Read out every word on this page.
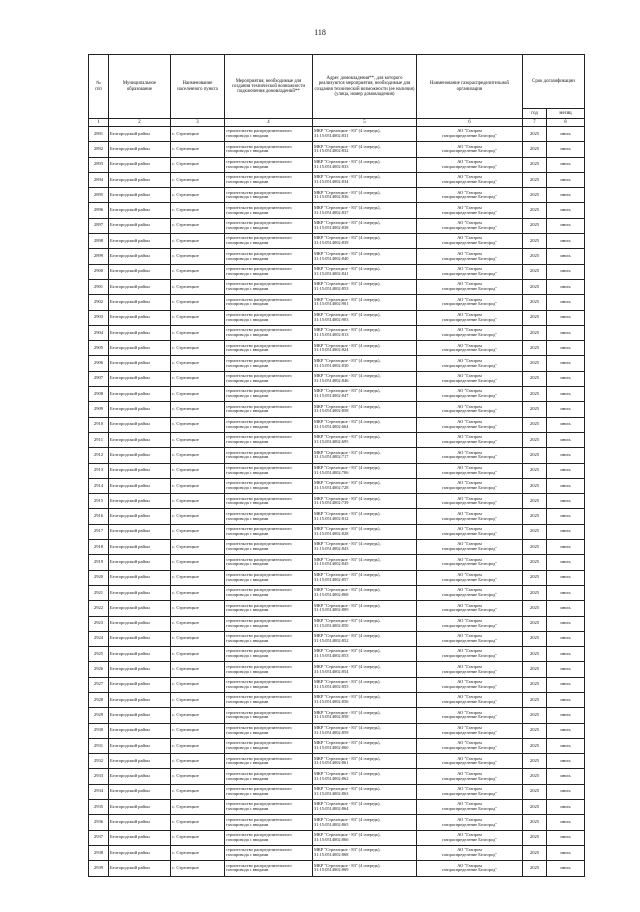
118
№
п/п	Муниципальное образование	Наименование населенного пункта	Мероприятия, необходимые для создания технической возможности подключения домовладений**	Адрес домовладения**, для которого реализуются мероприятия, необходимые для создания технической возможности (ее наличия) (улица, номер домовладения)	Наименование газораспределительной организации	Срок догазификации	
						год	месяц
1	2	3	4	5	6	7	8
2891	Белгородский район	с. Стрелецкое	строительство распределительного
газопровода с вводами	МКР "Стрелецкое - 83" (4 очередь),
31:15:0514002:831	АО "Газпром
газораспределение Белгород"	2025	июль
2892	Белгородский район	с. Стрелецкое	строительство распределительного
газопровода с вводами	МКР "Стрелецкое - 83" (4 очередь),
31:15:0514002:832	АО "Газпром
газораспределение Белгород"	2025	июль
2893	Белгородский район	с. Стрелецкое	строительство распределительного
газопровода с вводами	МКР "Стрелецкое - 83" (4 очередь),
31:15:0514002:833	АО "Газпром
газораспределение Белгород"	2025	июль
2894	Белгородский район	с. Стрелецкое	строительство распределительного
газопровода с вводами	МКР "Стрелецкое - 83" (4 очередь),
31:15:0514002:834	АО "Газпром
газораспределение Белгород"	2025	июль
2895	Белгородский район	с. Стрелецкое	строительство распределительного
газопровода с вводами	МКР "Стрелецкое - 83" (4 очередь),
31:15:0514002:836	АО "Газпром
газораспределение Белгород"	2025	июль
2896	Белгородский район	с. Стрелецкое	строительство распределительного
газопровода с вводами	МКР "Стрелецкое - 83" (4 очередь),
31:15:0514002:837	АО "Газпром
газораспределение Белгород"	2025	июль
2897	Белгородский район	с. Стрелецкое	строительство распределительного
газопровода с вводами	МКР "Стрелецкое - 83" (4 очередь),
31:15:0514002:838	АО "Газпром
газораспределение Белгород"	2025	июль
2898	Белгородский район	с. Стрелецкое	строительство распределительного
газопровода с вводами	МКР "Стрелецкое - 83" (4 очередь),
31:15:0514002:839	АО "Газпром
газораспределение Белгород"	2025	июль
2899	Белгородский район	с. Стрелецкое	строительство распределительного
газопровода с вводами	МКР "Стрелецкое - 83" (4 очередь),
31:15:0514002:840	АО "Газпром
газораспределение Белгород"	2025	июль
2900	Белгородский район	с. Стрелецкое	строительство распределительного
газопровода с вводами	МКР "Стрелецкое - 83" (4 очередь),
31:15:0514002:841	АО "Газпром
газораспределение Белгород"	2025	июль
2901	Белгородский район	с. Стрелецкое	строительство распределительного
газопровода с вводами	МКР "Стрелецкое - 83" (4 очередь),
31:15:0514002:853	АО "Газпром
газораспределение Белгород"	2025	июль
2902	Белгородский район	с. Стрелецкое	строительство распределительного
газопровода с вводами	МКР "Стрелецкое - 83" (4 очередь),
31:15:0514002:901	АО "Газпром
газораспределение Белгород"	2025	июль
2903	Белгородский район	с. Стрелецкое	строительство распределительного
газопровода с вводами	МКР "Стрелецкое - 83" (4 очередь),
31:15:0514002:903	АО "Газпром
газораспределение Белгород"	2025	июль
2904	Белгородский район	с. Стрелецкое	строительство распределительного
газопровода с вводами	МКР "Стрелецкое - 83" (4 очередь),
31:15:0514002:813	АО "Газпром
газораспределение Белгород"	2025	июль
2905	Белгородский район	с. Стрелецкое	строительство распределительного
газопровода с вводами	МКР "Стрелецкое - 83" (4 очередь),
31:15:0514002:824	АО "Газпром
газораспределение Белгород"	2025	июль
2906	Белгородский район	с. Стрелецкое	строительство распределительного
газопровода с вводами	МКР "Стрелецкое - 83" (4 очередь),
31:15:0514002:830	АО "Газпром
газораспределение Белгород"	2025	июль
2907	Белгородский район	с. Стрелецкое	строительство распределительного
газопровода с вводами	МКР "Стрелецкое - 83" (4 очередь),
31:15:0514002:846	АО "Газпром
газораспределение Белгород"	2025	июль
2908	Белгородский район	с. Стрелецкое	строительство распределительного
газопровода с вводами	МКР "Стрелецкое - 83" (4 очередь),
31:15:0514002:847	АО "Газпром
газораспределение Белгород"	2025	июль
2909	Белгородский район	с. Стрелецкое	строительство распределительного
газопровода с вводами	МКР "Стрелецкое - 83" (4 очередь),
31:15:0514002:858	АО "Газпром
газораспределение Белгород"	2025	июль
2910	Белгородский район	с. Стрелецкое	строительство распределительного
газопровода с вводами	МКР "Стрелецкое - 83" (4 очередь),
31:15:0514002:664	АО "Газпром
газораспределение Белгород"	2025	июль
2911	Белгородский район	с. Стрелецкое	строительство распределительного
газопровода с вводами	МКР "Стрелецкое - 83" (4 очередь),
31:15:0514002:695	АО "Газпром
газораспределение Белгород"	2025	июль
2912	Белгородский район	с. Стрелецкое	строительство распределительного
газопровода с вводами	МКР "Стрелецкое - 83" (4 очередь),
31:15:0514002:717	АО "Газпром
газораспределение Белгород"	2025	июль
2913	Белгородский район	с. Стрелецкое	строительство распределительного
газопровода с вводами	МКР "Стрелецкое - 83" (4 очередь),
31:15:0514002:706	АО "Газпром
газораспределение Белгород"	2025	июль
2914	Белгородский район	с. Стрелецкое	строительство распределительного
газопровода с вводами	МКР "Стрелецкое - 83" (4 очередь),
31:15:0514002:728	АО "Газпром
газораспределение Белгород"	2025	июль
2915	Белгородский район	с. Стрелецкое	строительство распределительного
газопровода с вводами	МКР "Стрелецкое - 83" (4 очередь),
31:15:0514002:739	АО "Газпром
газораспределение Белгород"	2025	июль
2916	Белгородский район	с. Стрелецкое	строительство распределительного
газопровода с вводами	МКР "Стрелецкое - 83" (4 очередь),
31:15:0514002:812	АО "Газпром
газораспределение Белгород"	2025	июль
2917	Белгородский район	с. Стрелецкое	строительство распределительного
газопровода с вводами	МКР "Стрелецкое - 83" (4 очередь),
31:15:0514002:828	АО "Газпром
газораспределение Белгород"	2025	июль
2918	Белгородский район	с. Стрелецкое	строительство распределительного
газопровода с вводами	МКР "Стрелецкое - 83" (4 очередь),
31:15:0514002:843	АО "Газпром
газораспределение Белгород"	2025	июль
2919	Белгородский район	с. Стрелецкое	строительство распределительного
газопровода с вводами	МКР "Стрелецкое - 83" (4 очередь),
31:15:0514002:845	АО "Газпром
газораспределение Белгород"	2025	июль
2920	Белгородский район	с. Стрелецкое	строительство распределительного
газопровода с вводами	МКР "Стрелецкое - 83" (4 очередь),
31:15:0514002:857	АО "Газпром
газораспределение Белгород"	2025	июль
2921	Белгородский район	с. Стрелецкое	строительство распределительного
газопровода с вводами	МКР "Стрелецкое - 83" (4 очередь),
31:15:0514002:868	АО "Газпром
газораспределение Белгород"	2025	июль
2922	Белгородский район	с. Стрелецкое	строительство распределительного
газопровода с вводами	МКР "Стрелецкое - 83" (4 очередь),
31:15:0514002:809	АО "Газпром
газораспределение Белгород"	2025	июль
2923	Белгородский район	с. Стрелецкое	строительство распределительного
газопровода с вводами	МКР "Стрелецкое - 83" (4 очередь),
31:15:0514002:850	АО "Газпром
газораспределение Белгород"	2025	июль
2924	Белгородский район	с. Стрелецкое	строительство распределительного
газопровода с вводами	МКР "Стрелецкое - 83" (4 очередь),
31:15:0514002:852	АО "Газпром
газораспределение Белгород"	2025	июль
2925	Белгородский район	с. Стрелецкое	строительство распределительного
газопровода с вводами	МКР "Стрелецкое - 83" (4 очередь),
31:15:0514002:853	АО "Газпром
газораспределение Белгород"	2025	июль
2926	Белгородский район	с. Стрелецкое	строительство распределительного
газопровода с вводами	МКР "Стрелецкое - 83" (4 очередь),
31:15:0514002:854	АО "Газпром
газораспределение Белгород"	2025	июль
2927	Белгородский район	с. Стрелецкое	строительство распределительного
газопровода с вводами	МКР "Стрелецкое - 83" (4 очередь),
31:15:0514002:855	АО "Газпром
газораспределение Белгород"	2025	июль
2928	Белгородский район	с. Стрелецкое	строительство распределительного
газопровода с вводами	МКР "Стрелецкое - 83" (4 очередь),
31:15:0514002:856	АО "Газпром
газораспределение Белгород"	2025	июль
2929	Белгородский район	с. Стрелецкое	строительство распределительного
газопровода с вводами	МКР "Стрелецкое - 83" (4 очередь),
31:15:0514002:858	АО "Газпром
газораспределение Белгород"	2025	июль
2930	Белгородский район	с. Стрелецкое	строительство распределительного
газопровода с вводами	МКР "Стрелецкое - 83" (4 очередь),
31:15:0514002:859	АО "Газпром
газораспределение Белгород"	2025	июль
2931	Белгородский район	с. Стрелецкое	строительство распределительного
газопровода с вводами	МКР "Стрелецкое - 83" (4 очередь),
31:15:0514002:860	АО "Газпром
газораспределение Белгород"	2025	июль
2932	Белгородский район	с. Стрелецкое	строительство распределительного
газопровода с вводами	МКР "Стрелецкое - 83" (4 очередь),
31:15:0514002:861	АО "Газпром
газораспределение Белгород"	2025	июль
2933	Белгородский район	с. Стрелецкое	строительство распределительного
газопровода с вводами	МКР "Стрелецкое - 83" (4 очередь),
31:15:0514002:862	АО "Газпром
газораспределение Белгород"	2025	июль
2934	Белгородский район	с. Стрелецкое	строительство распределительного
газопровода с вводами	МКР "Стрелецкое - 83" (4 очередь),
31:15:0514002:863	АО "Газпром
газораспределение Белгород"	2025	июль
2935	Белгородский район	с. Стрелецкое	строительство распределительного
газопровода с вводами	МКР "Стрелецкое - 83" (4 очередь),
31:15:0514002:864	АО "Газпром
газораспределение Белгород"	2025	июль
2936	Белгородский район	с. Стрелецкое	строительство распределительного
газопровода с вводами	МКР "Стрелецкое - 83" (4 очередь),
31:15:0514002:865	АО "Газпром
газораспределение Белгород"	2025	июль
2937	Белгородский район	с. Стрелецкое	строительство распределительного
газопровода с вводами	МКР "Стрелецкое - 83" (4 очередь),
31:15:0514002:866	АО "Газпром
газораспределение Белгород"	2025	июль
2938	Белгородский район	с. Стрелецкое	строительство распределительного
газопровода с вводами	МКР "Стрелецкое - 83" (4 очередь),
31:15:0514002:868	АО "Газпром
газораспределение Белгород"	2025	июль
2939	Белгородский район	с. Стрелецкое	строительство распределительного
газопровода с вводами	МКР "Стрелецкое - 83" (4 очередь),
31:15:0514002:869	АО "Газпром
газораспределение Белгород"	2025	июль
